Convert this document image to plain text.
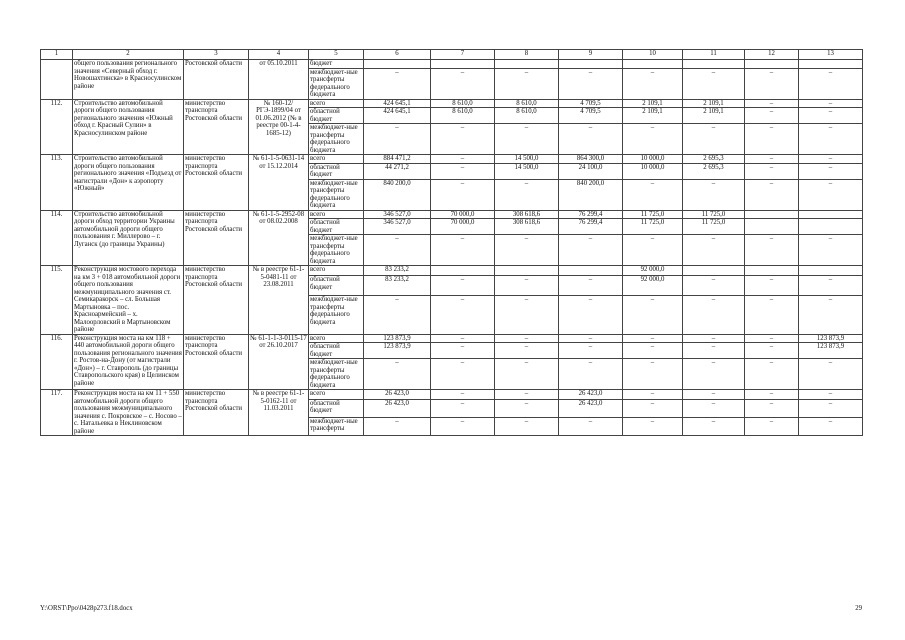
1	2	3	4	5	6	7	8	9	10	11	12	13
	общего пользования регионального значения «Северный обход г. Новошахтинска» в Красносулинском районе	Ростовской области	от 05.10.2011	бюджет								
				межбюджет-ные трансферты федерального бюджета	–	–	–	–	–	–	–	–
112.	Строительство автомобильной дороги общего пользования регионального значения «Южный обход г. Красный Сулин» в Красносулинском районе	министерство транспорта Ростовской области	№ 160-12/ РГЭ-1899/04 от 01.06.2012 (№ в реестре 00-1-4-1685-12)	всего	424 645,1	8 610,0	8 610,0	4 709,5	2 109,1	2 109,1	–	–
				областной бюджет	424 645,1	8 610,0	8 610,0	4 709,5	2 109,1	2 109,1	–	–
				межбюджет-ные трансферты федерального бюджета	–	–	–	–	–	–	–	–
113.	Строительство автомобильной дороги общего пользования регионального значения «Подъезд от магистрали «Дон» к аэропорту «Южный»	министерство транспорта Ростовской области	№ 61-1-5-0631-14 от 15.12.2014	всего	884 471,2	–	14 500,0	864 300,0	10 000,0	2 695,3	–	–
				областной бюджет	44 271,2	–	14 500,0	24 100,0	10 000,0	2 695,3	–	–
				межбюджет-ные трансферты федерального бюджета	840 200,0	–	–	840 200,0	–	–	–	–
114.	Строительство автомобильной дороги обход территории Украины автомобильной дороги общего пользования г. Миллерово – г. Луганск (до границы Украины)	министерство транспорта Ростовской области	№ 61-1-5-2952-08 от 08.02.2008	всего	346 527,0	70 000,0	308 618,6	76 299,4	11 725,0	11 725,0		
				областной бюджет	346 527,0	70 000,0	308 618,6	76 299,4	11 725,0	11 725,0		
				межбюджет-ные трансферты федерального бюджета	–	–	–	–	–	–	–	–
115.	Реконструкция мостового перехода на км 3 + 018 автомобильной дороги общего пользования межмуниципального значения ст. Семикаракорск – сл. Большая Мартыновка – пос. Красноармейский – х. Малоорловский в Мартыновском районе	министерство транспорта Ростовской области	№ в реестре 61-1-5-0481-11 от 23.08.2011	всего	83 233,2				92 000,0			
				областной бюджет	83 233,2	–	–	–	92 000,0	–	–	–
				межбюджет-ные трансферты федерального бюджета	–	–	–	–	–	–	–	–
116.	Реконструкция моста на км 118 + 440 автомобильной дороги общего пользования регионального значения г. Ростов-на-Дону (от магистрали «Дон») – г. Ставрополь (до границы Ставропольского края) в Целинском районе	министерство транспорта Ростовской области	№ 61-1-1-3-0115-17 от 26.10.2017	всего	123 873,9	–	–	–	–	–	–	123 873,9
				областной бюджет	123 873,9	–	–	–	–	–	–	123 873,9
				межбюджет-ные трансферты федерального бюджета	–	–	–	–	–	–	–	–
117.	Реконструкция моста на км 11 + 550 автомобильной дороги общего пользования межмуниципального значения с. Покровское – с. Носово – с. Натальевка в Неклиновском районе	министерство транспорта Ростовской области	№ в реестре 61-1-5-0162-11 от 11.03.2011	всего	26 423,0	–	–	26 423,0	–	–	–	–
				областной бюджет	26 423,0	–	–	26 423,0	–	–	–	–
				межбюджет-ные трансферты	–	–	–	–	–	–	–	–
Y:\ORST\Ppo\0428p273.f18.docx	29
